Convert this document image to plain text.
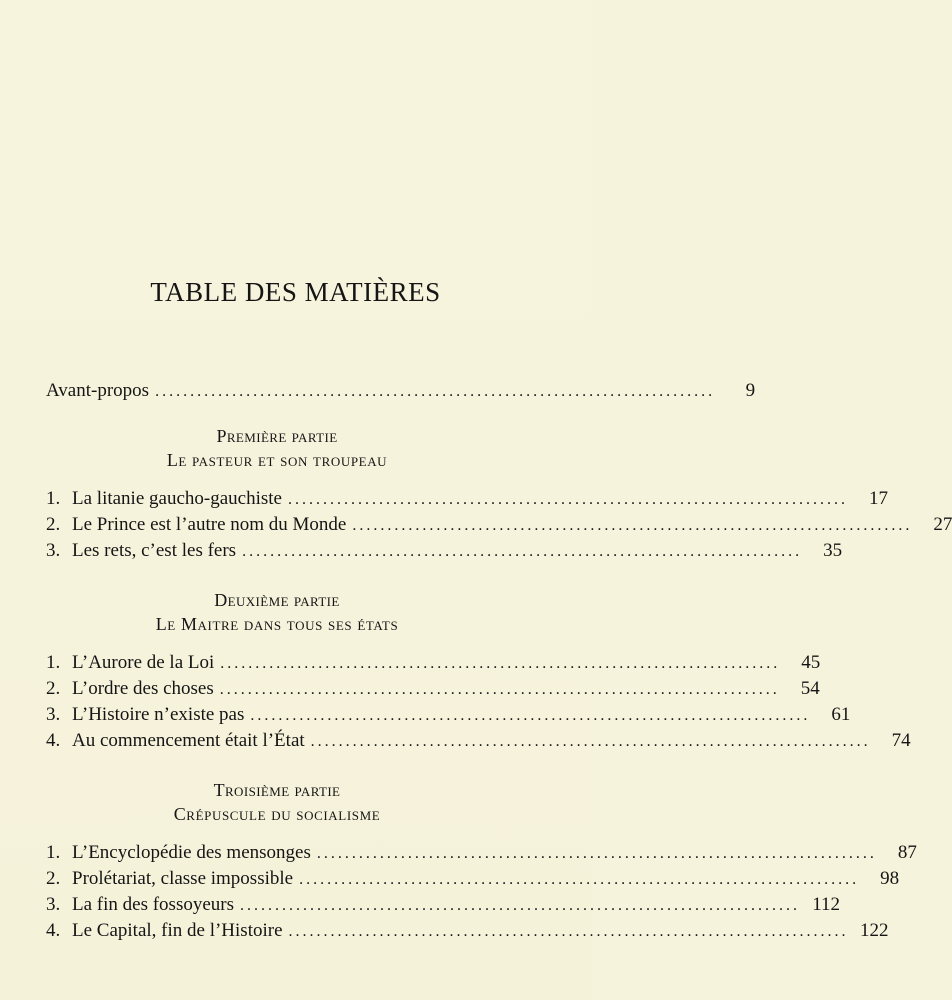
TABLE DES MATIÈRES
Avant-propos ................................................................................	9
Première partie
Le pasteur et son troupeau
1. La litanie gaucho-gauchiste ................................................................................	17
2. Le Prince est l’autre nom du Monde ................................................................................	27
3. Les rets, c’est les fers ................................................................................	35
Deuxième partie
Le Maitre dans tous ses états
1. L’Aurore de la Loi ................................................................................	45
2. L’ordre des choses ................................................................................	54
3. L’Histoire n’existe pas ................................................................................	61
4. Au commencement était l’État ................................................................................	74
Troisième partie
Crépuscule du socialisme
1. L’Encyclopédie des mensonges ................................................................................	87
2. Prolétariat, classe impossible ................................................................................	98
3. La fin des fossoyeurs ................................................................................ 112
4. Le Capital, fin de l’Histoire ................................................................................ 122
